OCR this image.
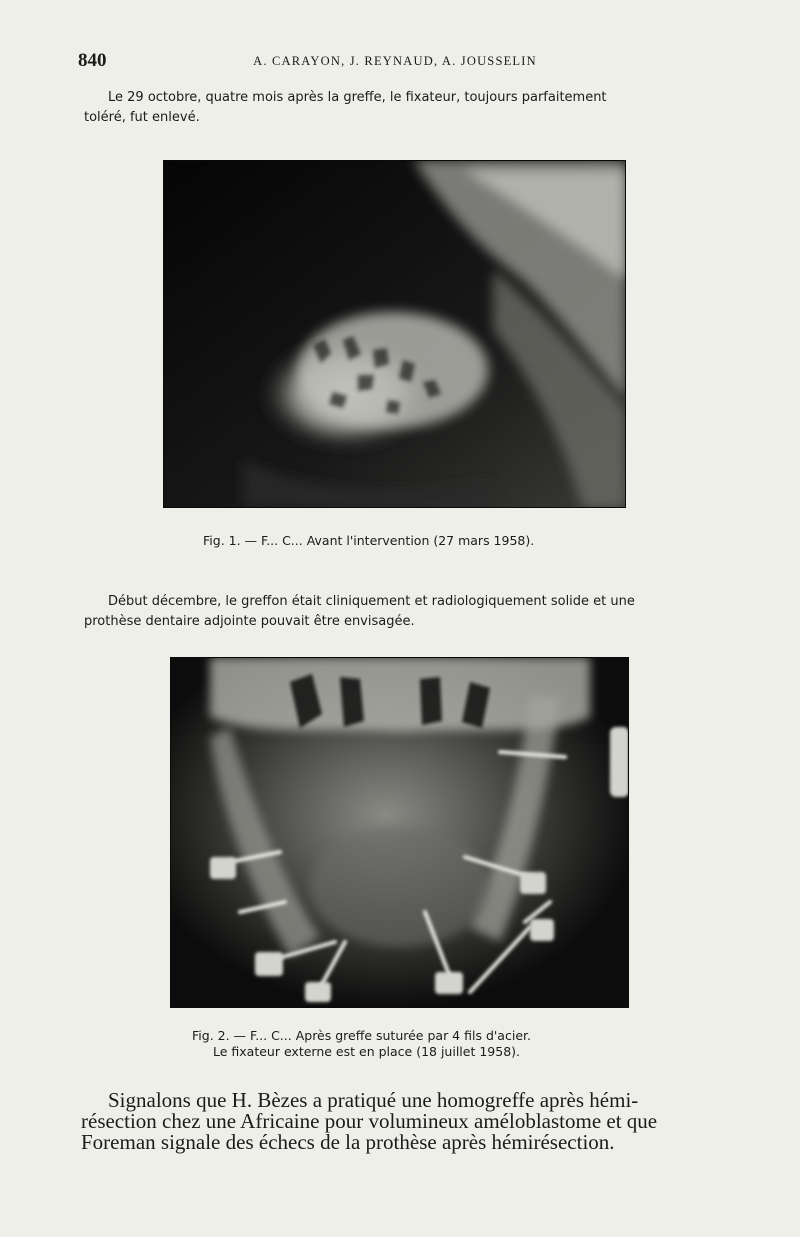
840	A. CARAYON, J. REYNAUD, A. JOUSSELIN
Le 29 octobre, quatre mois après la greffe, le fixateur, toujours parfaitement
toléré, fut enlevé.
Fig. 1. — F... C... Avant l'intervention (27 mars 1958).
Début décembre, le greffon était cliniquement et radiologiquement solide et une
prothèse dentaire adjointe pouvait être envisagée.
Fig. 2. — F... C... Après greffe suturée par 4 fils d'acier.
Le fixateur externe est en place (18 juillet 1958).
Signalons que H. Bèzes a pratiqué une homogreffe après hémi-
résection chez une Africaine pour volumineux améloblastome et que
Foreman signale des échecs de la prothèse après hémirésection.
